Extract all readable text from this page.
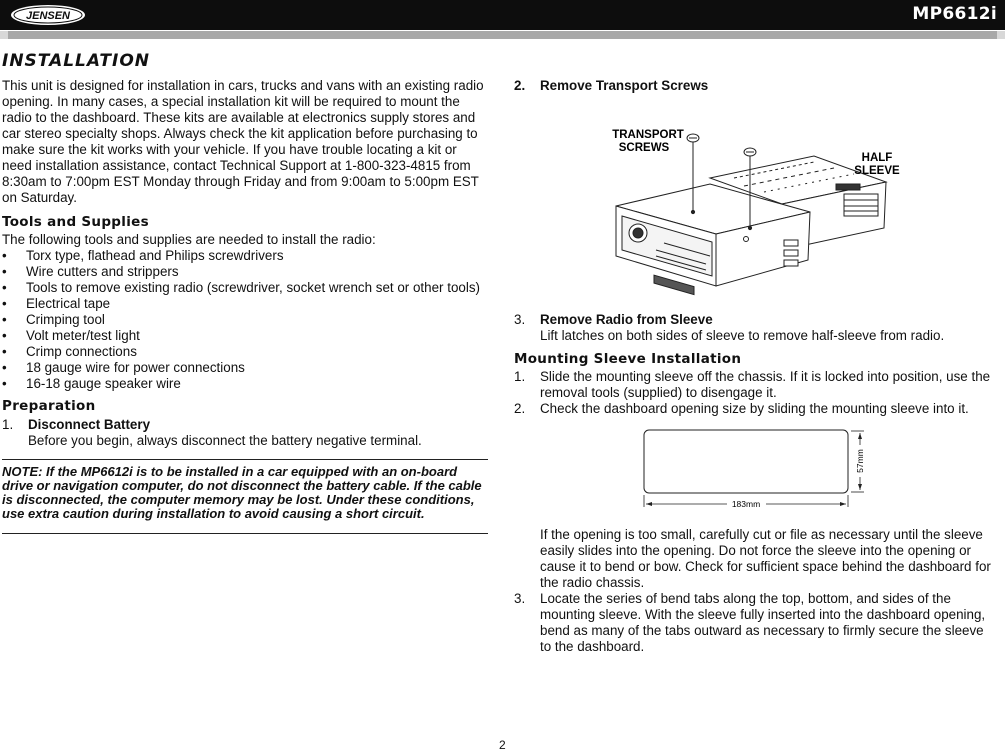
JENSEN	MP6612i
INSTALLATION

This unit is designed for installation in cars, trucks and vans with an existing radio opening. In many cases, a special installation kit will be required to mount the radio to the dashboard. These kits are available at electronics supply stores and car stereo specialty shops. Always check the kit application before purchasing to make sure the kit works with your vehicle. If you have trouble locating a kit or need installation assistance, contact Technical Support at 1-800-323-4815 from 8:30am to 7:00pm EST Monday through Friday and from 9:00am to 5:00pm EST on Saturday.

Tools and Supplies

The following tools and supplies are needed to install the radio:

• Torx type, flathead and Philips screwdrivers
• Wire cutters and strippers
• Tools to remove existing radio (screwdriver, socket wrench set or other tools)
• Electrical tape
• Crimping tool
• Volt meter/test light
• Crimp connections
• 18 gauge wire for power connections
• 16-18 gauge speaker wire
Preparation
1. Disconnect Battery
Before you begin, always disconnect the battery negative terminal.
NOTE: If the MP6612i is to be installed in a car equipped with an on-board drive or navigation computer, do not disconnect the battery cable. If the cable is disconnected, the computer memory may be lost. Under these conditions, use extra caution during installation to avoid causing a short circuit.
2. Remove Transport Screws
TRANSPORT
SCREWS
HALF
SLEEVE
3. Remove Radio from Sleeve
Lift latches on both sides of sleeve to remove half-sleeve from radio.
Mounting Sleeve Installation
1. Slide the mounting sleeve off the chassis. If it is locked into position, use the removal tools (supplied) to disengage it.
2. Check the dashboard opening size by sliding the mounting sleeve into it.
183mm
57mm

If the opening is too small, carefully cut or file as necessary until the sleeve easily slides into the opening. Do not force the sleeve into the opening or cause it to bend or bow. Check for sufficient space behind the dashboard for the radio chassis.

3. Locate the series of bend tabs along the top, bottom, and sides of the mounting sleeve. With the sleeve fully inserted into the dashboard opening, bend as many of the tabs outward as necessary to firmly secure the sleeve to the dashboard.
2
